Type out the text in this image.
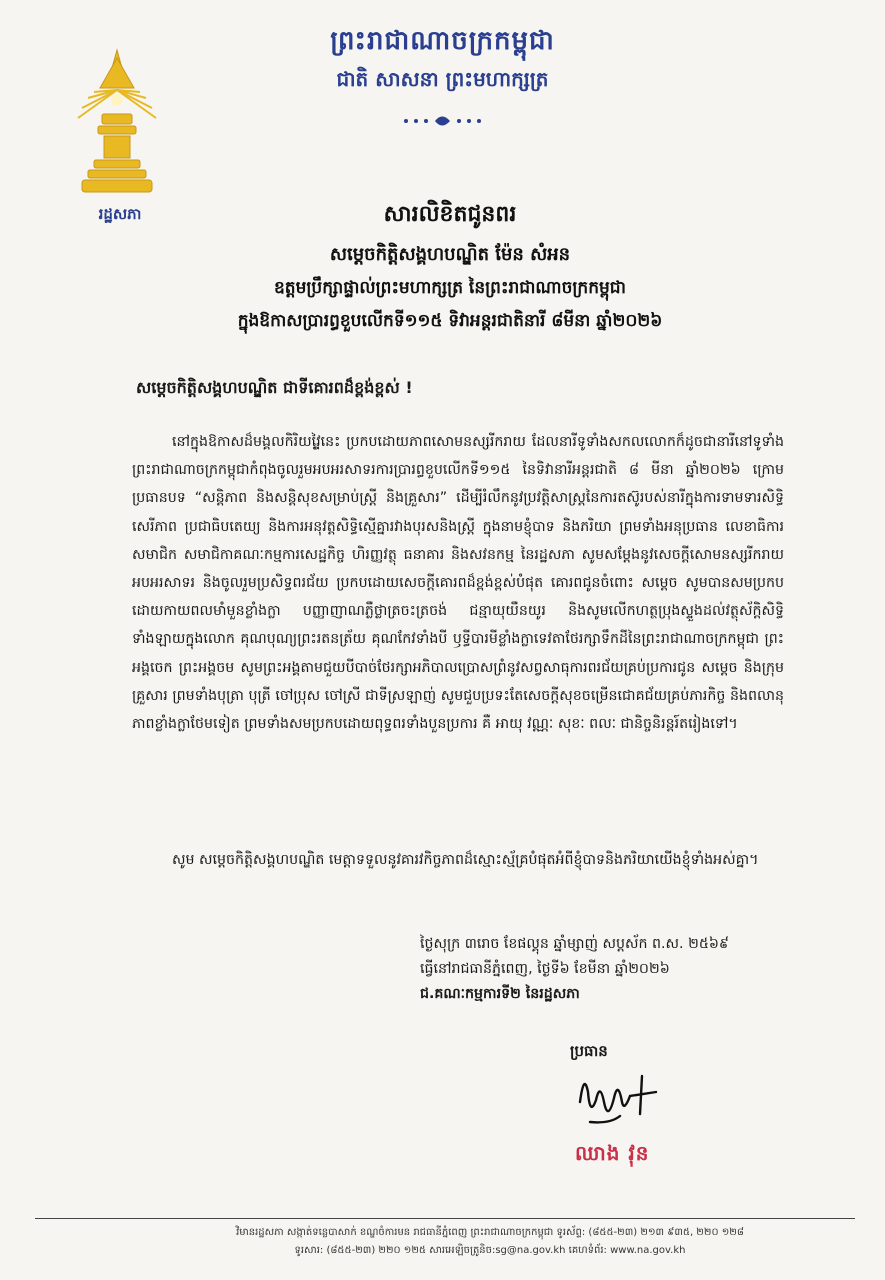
រដ្ឋសភា
ព្រះរាជាណាចក្រកម្ពុជា
ជាតិ សាសនា ព្រះមហាក្សត្រ
សារលិខិតជូនពរ
សម្តេចកិត្តិសង្គហបណ្ឌិត ម៉ែន សំអន
ឧត្តមប្រឹក្សាផ្ទាល់ព្រះមហាក្សត្រ នៃព្រះរាជាណាចក្រកម្ពុជា
ក្នុងឱកាសប្រារព្ធខួបលើកទី១១៥ ទិវាអន្តរជាតិនារី ៨មីនា ឆ្នាំ២០២៦
សម្តេចកិត្តិសង្គហបណ្ឌិត ជាទីគោរពដ៏ខ្ពង់ខ្ពស់ !
នៅក្នុងឱកាសដ៏មង្គលកិរិយវ្ថៃ្ងនេះ ប្រកបដោយភាពសោមនស្សរីករាយ ដែលនារីទូទាំងសកលលោកក៏ដូចជានារីនៅទូទាំងព្រះរាជាណាចក្រកម្ពុជាកំពុងចូលរួមអបអរសាទរការប្រារព្ធខួបលើកទី១១៥ នៃទិវានារីអន្តរជាតិ ៨ មីនា ឆ្នាំ២០២៦ ក្រោមប្រធានបទ “សន្តិភាព និងសន្តិសុខសម្រាប់ស្ត្រី និងគ្រួសារ” ដើម្បីរំលឹកនូវប្រវត្តិសាស្ត្រនៃការតស៊ូរបស់នារីក្នុងការទាមទារសិទ្ធិ សេរីភាព ប្រជាធិបតេយ្យ និងការអនុវត្តសិទ្ធិស្មើគ្នារវាងបុរសនិងស្ត្រី ក្នុងនាមខ្ញុំបាទ និងភរិយា ព្រមទាំងអនុប្រធាន លេខាធិការ សមាជិក សមាជិកាគណៈកម្មការសេដ្ឋកិច្ច ហិរញ្ញវត្ថុ ធនាគារ និងសវនកម្ម នៃរដ្ឋសភា សូមសម្តែងនូវសេចក្តីសោមនស្សរីករាយ អបអរសាទរ និងចូលរួមប្រសិទ្ធពរជ័យ ប្រកបដោយសេចក្តីគោរពដ៏ខ្ពង់ខ្ពស់បំផុត គោរពជូនចំពោះ សម្តេច សូមបានសមប្រកបដោយកាយពលមាំមួនខ្លាំងក្លា បញ្ញាញាណភ្លឺថ្លាត្រចះត្រចង់ ជន្មាយុយឺនយូរ និងសូមលើកហត្ថប្រុងស្ទួងដល់វត្ថុស័ក្តិសិទ្ធិទាំងឡាយក្នុងលោក គុណបុណ្យព្រះរតនត្រ័យ គុណកែវទាំងបី ឫទ្ធីបារមីខ្លាំងក្លាទេវតាថែរក្សាទឹកដីនៃព្រះរាជាណាចក្រកម្ពុជា ព្រះអង្គចេក ព្រះអង្គចម សូមព្រះអង្គតាមជួយបីបាច់ថែរក្សាអភិបាលប្រោសព្រំនូវសព្វសាធុការពរជ័យគ្រប់ប្រការជូន សម្តេច និងក្រុមគ្រួសារ ព្រមទាំងបុត្រា បុត្រី ចៅប្រុស ចៅស្រី ជាទីស្រឡាញ់ សូមជួបប្រទះតែសេចក្តីសុខចម្រើនជោគជ័យគ្រប់ភារកិច្ច និងពលានុភាពខ្លាំងក្លាថែមទៀត ព្រមទាំងសមប្រកបដោយពុទ្ធពរទាំងបួនប្រការ គឺ អាយុ វណ្ណៈ សុខៈ ពលៈ ជានិច្ចនិរន្តរ៍តរៀងទៅ។
សូម សម្តេចកិត្តិសង្គហបណ្ឌិត មេត្តាទទួលនូវគារវកិច្ចភាពដ៏ស្មោះស្ម័គ្របំផុតអំពីខ្ញុំបាទនិងភរិយាយើងខ្ញុំទាំងអស់គ្នា។
ថ្ងៃសុក្រ ៣រោច ខែផល្គុន ឆ្នាំម្សាញ់ សប្តស័ក ព.ស. ២៥៦៩
ធ្វើនៅរាជធានីភ្នំពេញ, ថ្ងៃទី៦ ខែមីនា ឆ្នាំ២០២៦
ជ.គណៈកម្មការទី២ នៃរដ្ឋសភា
ប្រធាន
ឈាង វុន
វិមានរដ្ឋសភា សង្កាត់ទន្លេបាសាក់ ខណ្ឌចំការមន រាជធានីភ្នំពេញ ព្រះរាជាណាចក្រកម្ពុជា ទូរស័ព្ទ: (៨៥៥-២៣) ២១៣ ៩៣៥, ២២០ ១២៨
ទូរសារ: (៨៥៥-២៣) ២២០ ១២៥ សារអេឡិចត្រូនិច:sg@na.gov.kh គេហទំព័រ: www.na.gov.kh
